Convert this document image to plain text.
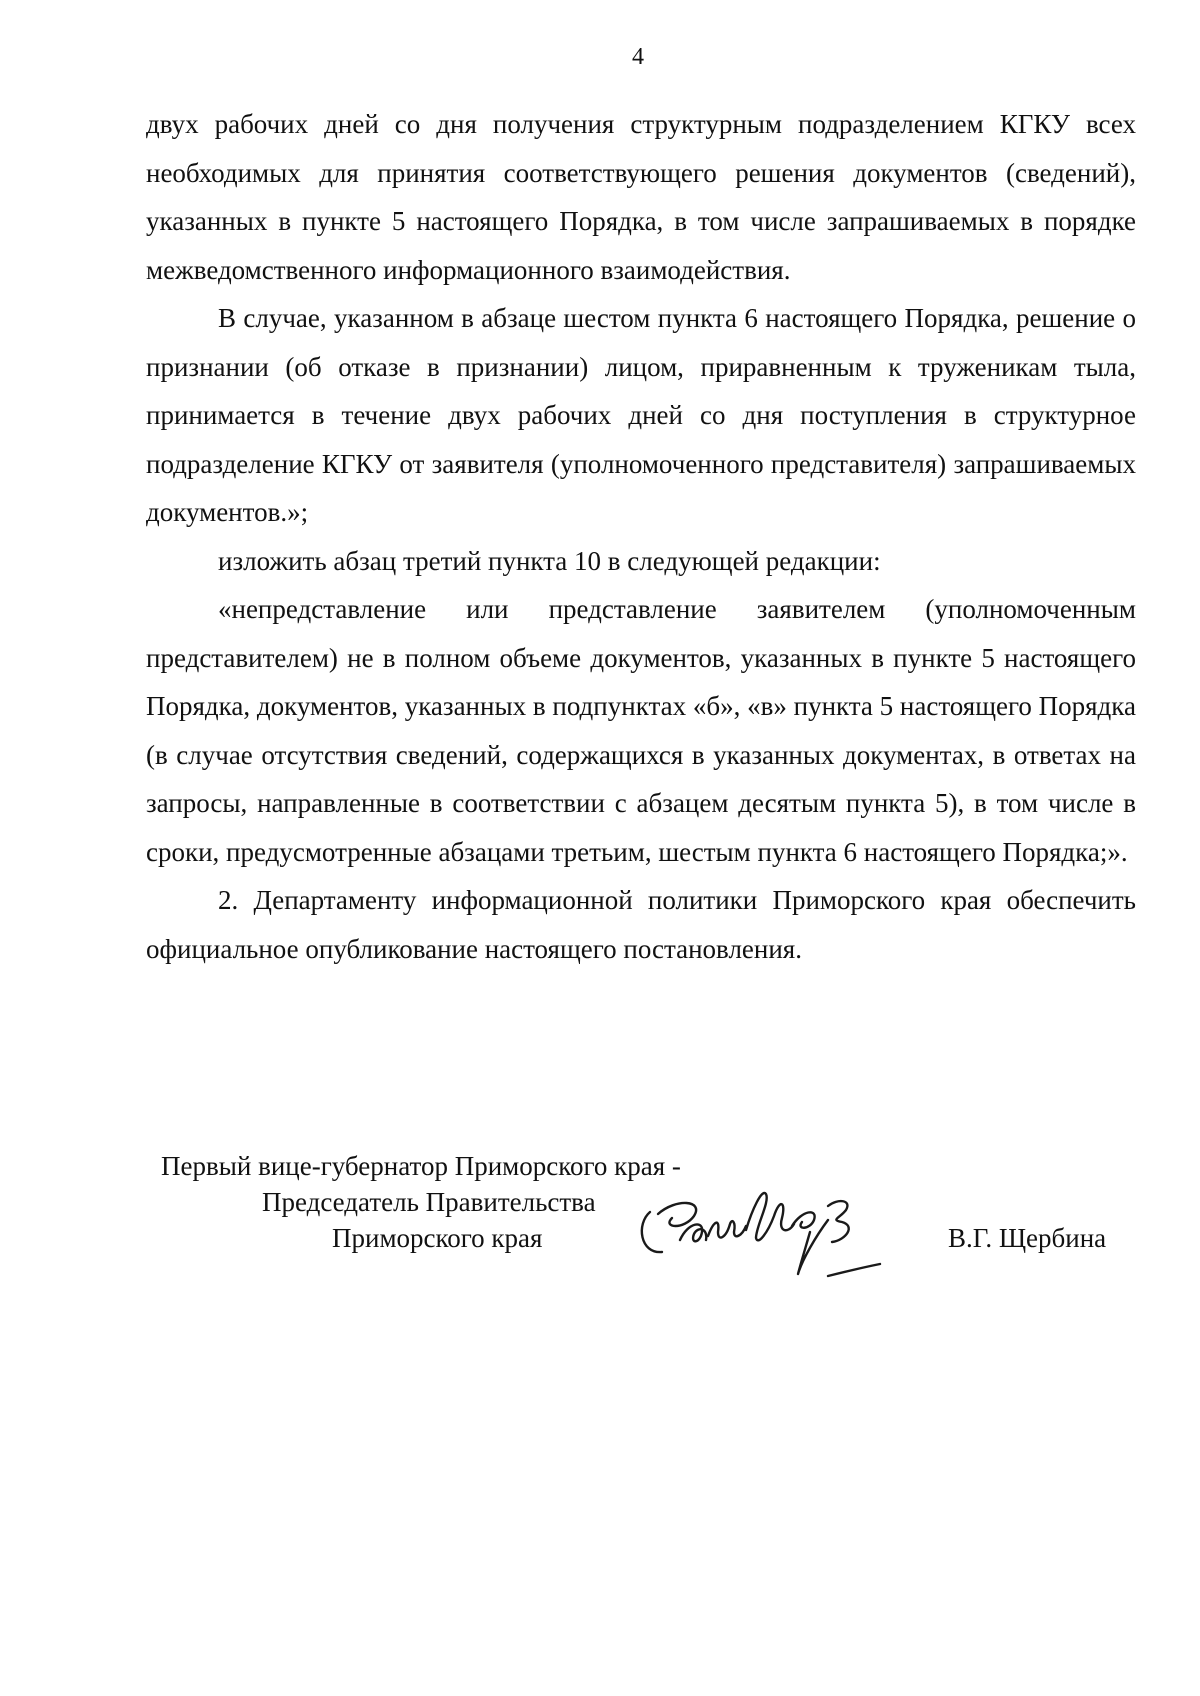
4

двух рабочих дней со дня получения структурным подразделением КГКУ всех необходимых для принятия соответствующего решения документов (сведений), указанных в пункте 5 настоящего Порядка, в том числе запрашиваемых в порядке межведомственного информационного взаимодействия.

В случае, указанном в абзаце шестом пункта 6 настоящего Порядка, решение о признании (об отказе в признании) лицом, приравненным к труженикам тыла, принимается в течение двух рабочих дней со дня поступления в структурное подразделение КГКУ от заявителя (уполномоченного представителя) запрашиваемых документов.»;

изложить абзац третий пункта 10 в следующей редакции:

«непредставление или представление заявителем (уполномоченным представителем) не в полном объеме документов, указанных в пункте 5 настоящего Порядка, документов, указанных в подпунктах «б», «в» пункта 5 настоящего Порядка (в случае отсутствия сведений, содержащихся в указанных документах, в ответах на запросы, направленные в соответствии с абзацем десятым пункта 5), в том числе в сроки, предусмотренные абзацами третьим, шестым пункта 6 настоящего Порядка;».

2. Департаменту информационной политики Приморского края обеспечить официальное опубликование настоящего постановления.

Первый вице-губернатор Приморского края -
Председатель Правительства
Приморского края	В.Г. Щербина
